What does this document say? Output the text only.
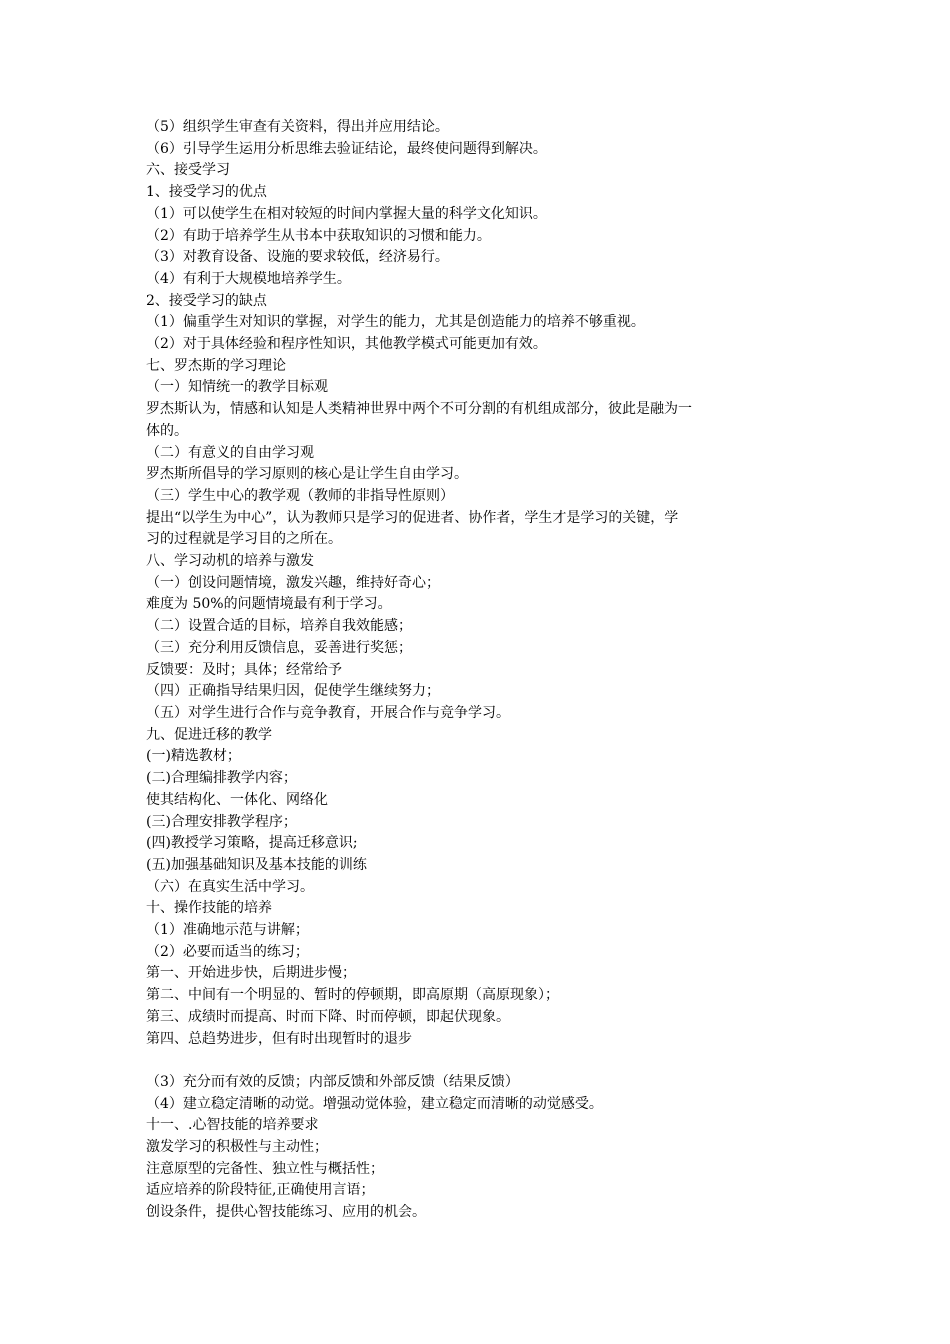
（5）组织学生审查有关资料，得出并应用结论。
（6）引导学生运用分析思维去验证结论，最终使问题得到解决。
六、接受学习
1、接受学习的优点
（1）可以使学生在相对较短的时间内掌握大量的科学文化知识。
（2）有助于培养学生从书本中获取知识的习惯和能力。
（3）对教育设备、设施的要求较低，经济易行。
（4）有利于大规模地培养学生。
2、接受学习的缺点
（1）偏重学生对知识的掌握，对学生的能力，尤其是创造能力的培养不够重视。
（2）对于具体经验和程序性知识，其他教学模式可能更加有效。
七、罗杰斯的学习理论
（一）知情统一的教学目标观
罗杰斯认为，情感和认知是人类精神世界中两个不可分割的有机组成部分，彼此是融为一
体的。
（二）有意义的自由学习观
罗杰斯所倡导的学习原则的核心是让学生自由学习。
（三）学生中心的教学观（教师的非指导性原则）
提出“以学生为中心”，认为教师只是学习的促进者、协作者，学生才是学习的关键，学
习的过程就是学习目的之所在。
八、学习动机的培养与激发
（一）创设问题情境，激发兴趣，维持好奇心；
难度为 50%的问题情境最有利于学习。
（二）设置合适的目标，培养自我效能感；
（三）充分利用反馈信息，妥善进行奖惩；
反馈要：及时；具体；经常给予
（四）正确指导结果归因，促使学生继续努力；
（五）对学生进行合作与竞争教育，开展合作与竞争学习。
九、促进迁移的教学
(一)精选教材；
(二)合理编排教学内容；
使其结构化、一体化、网络化
(三)合理安排教学程序；
(四)教授学习策略，提高迁移意识;
(五)加强基础知识及基本技能的训练
（六）在真实生活中学习。
十、操作技能的培养
（1）准确地示范与讲解；
（2）必要而适当的练习；
第一、开始进步快，后期进步慢；
第二、中间有一个明显的、暂时的停顿期，即高原期（高原现象）；
第三、成绩时而提高、时而下降、时而停顿，即起伏现象。
第四、总趋势进步，但有时出现暂时的退步
（3）充分而有效的反馈；内部反馈和外部反馈（结果反馈）
（4）建立稳定清晰的动觉。增强动觉体验，建立稳定而清晰的动觉感受。
十一、.心智技能的培养要求
激发学习的积极性与主动性；
注意原型的完备性、独立性与概括性；
适应培养的阶段特征,正确使用言语；
创设条件，提供心智技能练习、应用的机会。
